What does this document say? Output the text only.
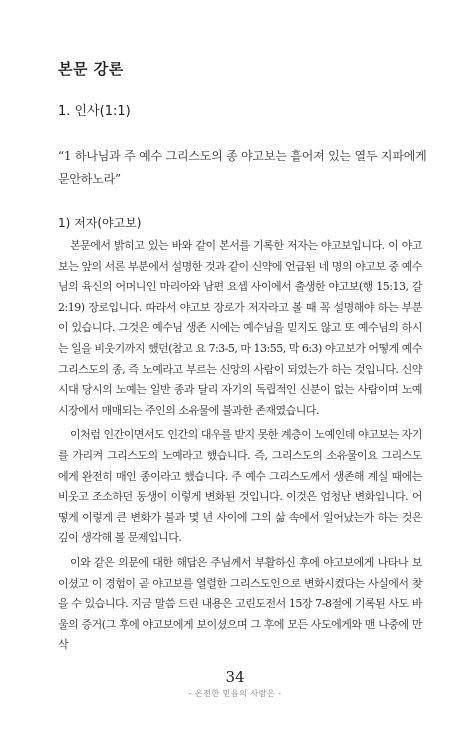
본문 강론
1. 인사(1:1)
“1 하나님과 주 예수 그리스도의 종 야고보는 흩어져 있는 열두 지파에게 문안하노라”
1) 저자(야고보)

본문에서 밝히고 있는 바와 같이 본서를 기록한 저자는 야고보입니다. 이 야고보는 앞의 서론 부분에서 설명한 것과 같이 신약에 언급된 네 명의 야고보 중 예수님의 육신의 어머니인 마리아와 남편 요셉 사이에서 출생한 야고보(행 15:13, 갈 2:19) 장로입니다. 따라서 야고보 장로가 저자라고 볼 때 꼭 설명해야 하는 부분이 있습니다. 그것은 예수님 생존 시에는 예수님을 믿지도 않고 또 예수님의 하시는 일을 비웃기까지 했던(참고 요 7:3-5, 마 13:55, 막 6:3) 야고보가 어떻게 예수 그리스도의 종, 즉 노예라고 부르는 신앙의 사람이 되었는가 하는 것입니다. 신약시대 당시의 노예는 일반 종과 달리 자기의 독립적인 신분이 없는 사람이며 노예 시장에서 매매되는 주인의 소유물에 불과한 존재였습니다.

이처럼 인간이면서도 인간의 대우를 받지 못한 계층이 노예인데 야고보는 자기를 가리켜 그리스도의 노예라고 했습니다. 즉, 그리스도의 소유물이요 그리스도에게 완전히 매인 종이라고 했습니다. 주 예수 그리스도께서 생존해 계실 때에는 비웃고 조소하던 동생이 이렇게 변화된 것입니다. 이것은 엄청난 변화입니다. 어떻게 이렇게 큰 변화가 불과 몇 년 사이에 그의 삶 속에서 일어났는가 하는 것은 깊이 생각해 볼 문제입니다.

이와 같은 의문에 대한 해답은 주님께서 부활하신 후에 야고보에게 나타나 보이셨고 이 경험이 곧 야고보를 열렬한 그리스도인으로 변화시켰다는 사실에서 찾을 수 있습니다. 지금 말씀 드린 내용은 고린도전서 15장 7-8절에 기록된 사도 바울의 증거(그 후에 야고보에게 보이셨으며 그 후에 모든 사도에게와 맨 나중에 만삭

34
- 온전한 믿음의 사람은 -
